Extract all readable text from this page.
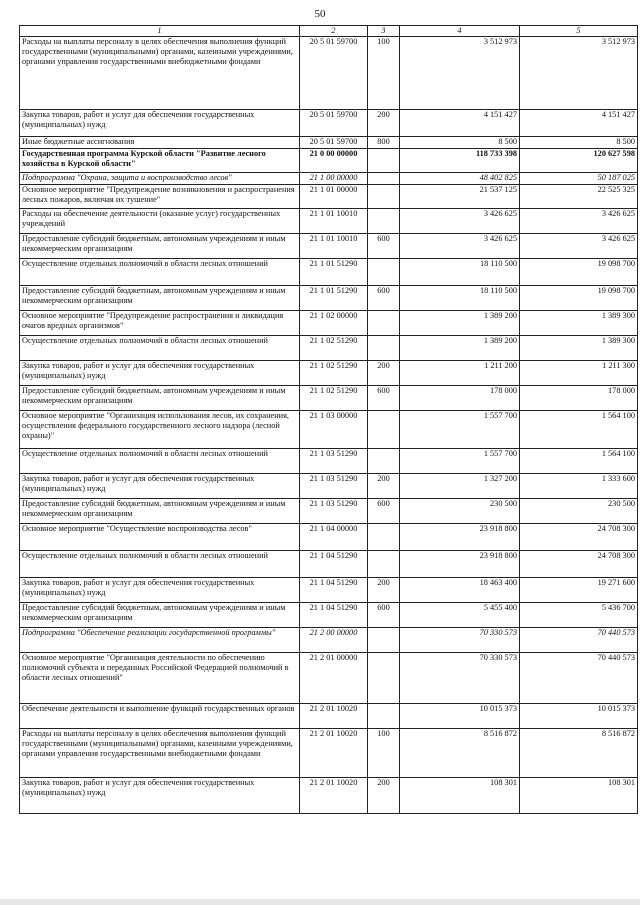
50
1	2	3	4	5
Расходы на выплаты персоналу в целях обеспечения выполнения функций государственными (муниципальными) органами, казенными учреждениями, органами управления государственными внебюджетными фондами	20 5 01 59700	100	3 512 973	3 512 973
Закупка товаров, работ и услуг для обеспечения государственных (муниципальных) нужд	20 5 01 59700	200	4 151 427	4 151 427
Иные бюджетные ассигнования	20 5 01 59700	800	8 500	8 500
Государственная программа Курской области "Развитие лесного хозяйства в Курской области"	21 0 00 00000		118 733 398	120 627 598
Подпрограмма "Охрана, защита и воспроизводство лесов"	21 1 00 00000		48 402 825	50 187 025
Основное мероприятие "Предупреждение возникновения и распространения лесных пожаров, включая их тушение"	21 1 01 00000		21 537 125	22 525 325
Расходы на обеспечение деятельности (оказание услуг) государственных учреждений	21 1 01 10010		3 426 625	3 426 625
Предоставление субсидий бюджетным, автономным учреждениям и иным некоммерческим организациям	21 1 01 10010	600	3 426 625	3 426 625
Осуществление отдельных полномочий в области лесных отношений	21 1 01 51290		18 110 500	19 098 700
Предоставление субсидий бюджетным, автономным учреждениям и иным некоммерческим организациям	21 1 01 51290	600	18 110 500	19 098 700
Основное мероприятие "Предупреждение распространения и ликвидация очагов вредных организмов"	21 1 02 00000		1 389 200	1 389 300
Осуществление отдельных полномочий в области лесных отношений	21 1 02 51290		1 389 200	1 389 300
Закупка товаров, работ и услуг для обеспечения государственных (муниципальных) нужд	21 1 02 51290	200	1 211 200	1 211 300
Предоставление субсидий бюджетным, автономным учреждениям и иным некоммерческим организациям	21 1 02 51290	600	178 000	178 000
Основное мероприятие "Организация использования лесов, их сохранения, осуществления федерального государственного лесного надзора (лесной охраны)"	21 1 03 00000		1 557 700	1 564 100
Осуществление отдельных полномочий в области лесных отношений	21 1 03 51290		1 557 700	1 564 100
Закупка товаров, работ и услуг для обеспечения государственных (муниципальных) нужд	21 1 03 51290	200	1 327 200	1 333 600
Предоставление субсидий бюджетным, автономным учреждениям и иным некоммерческим организациям	21 1 03 51290	600	230 500	230 500
Основное мероприятие "Осуществление воспроизводства лесов"	21 1 04 00000		23 918 800	24 708 300
Осуществление отдельных полномочий в области лесных отношений	21 1 04 51290		23 918 800	24 708 300
Закупка товаров, работ и услуг для обеспечения государственных (муниципальных) нужд	21 1 04 51290	200	18 463 400	19 271 600
Предоставление субсидий бюджетным, автономным учреждениям и иным некоммерческим организациям	21 1 04 51290	600	5 455 400	5 436 700
Подпрограмма "Обеспечение реализации государственной программы"	21 2 00 00000		70 330 573	70 440 573
Основное мероприятие "Организация деятельности по обеспечению полномочий субъекта и переданных Российской Федерацией полномочий в области лесных отношений"	21 2 01 00000		70 330 573	70 440 573
Обеспечение деятельности и выполнение функций государственных органов	21 2 01 10020		10 015 373	10 015 373
Расходы на выплаты персоналу в целях обеспечения выполнения функций государственными (муниципальными) органами, казенными учреждениями, органами управления государственными внебюджетными фондами	21 2 01 10020	100	8 516 872	8 516 872
Закупка товаров, работ и услуг для обеспечения государственных (муниципальных) нужд	21 2 01 10020	200	108 301	108 301
